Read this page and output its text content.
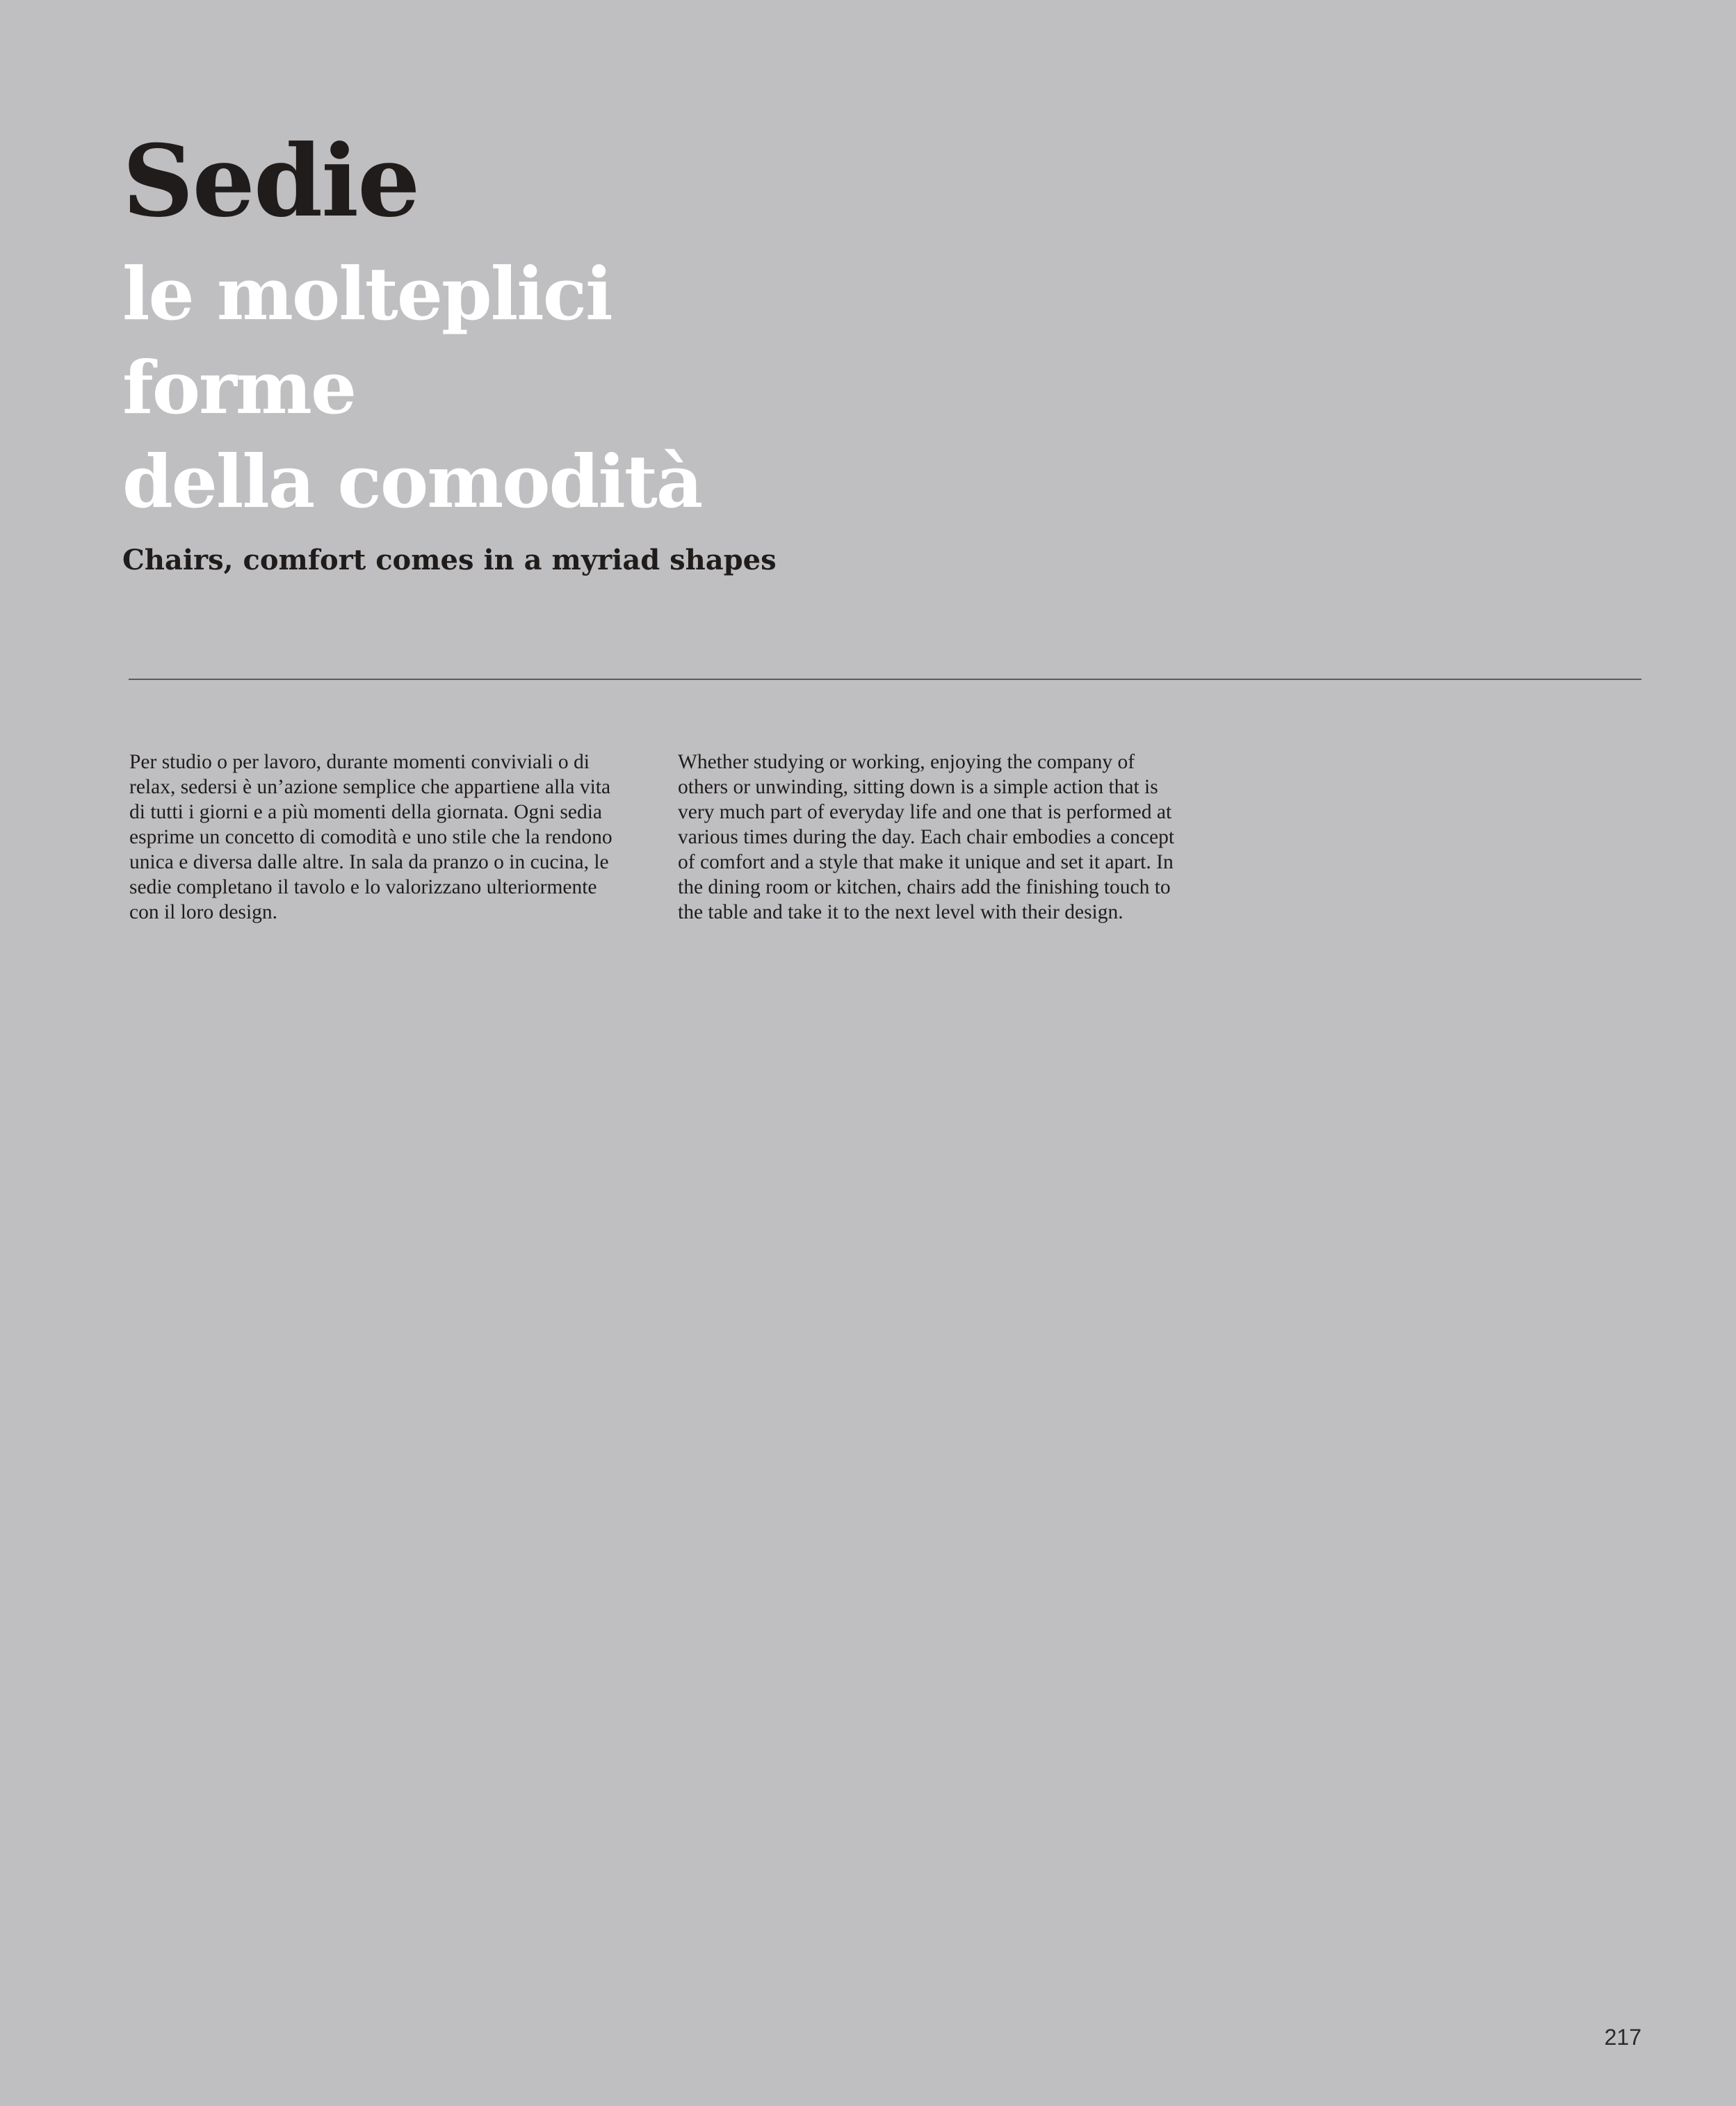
Sedie
le molteplici
forme
della comodità
Chairs, comfort comes in a myriad shapes

Per studio o per lavoro, durante momenti conviviali o di relax, sedersi è un’azione semplice che appartiene alla vita di tutti i giorni e a più momenti della giornata. Ogni sedia esprime un concetto di comodità e uno stile che la rendono unica e diversa dalle altre. In sala da pranzo o in cucina, le sedie completano il tavolo e lo valorizzano ulteriormente con il loro design.

Whether studying or working, enjoying the company of others or unwinding, sitting down is a simple action that is very much part of everyday life and one that is performed at various times during the day. Each chair embodies a concept of comfort and a style that make it unique and set it apart. In the dining room or kitchen, chairs add the finishing touch to the table and take it to the next level with their design.

217
